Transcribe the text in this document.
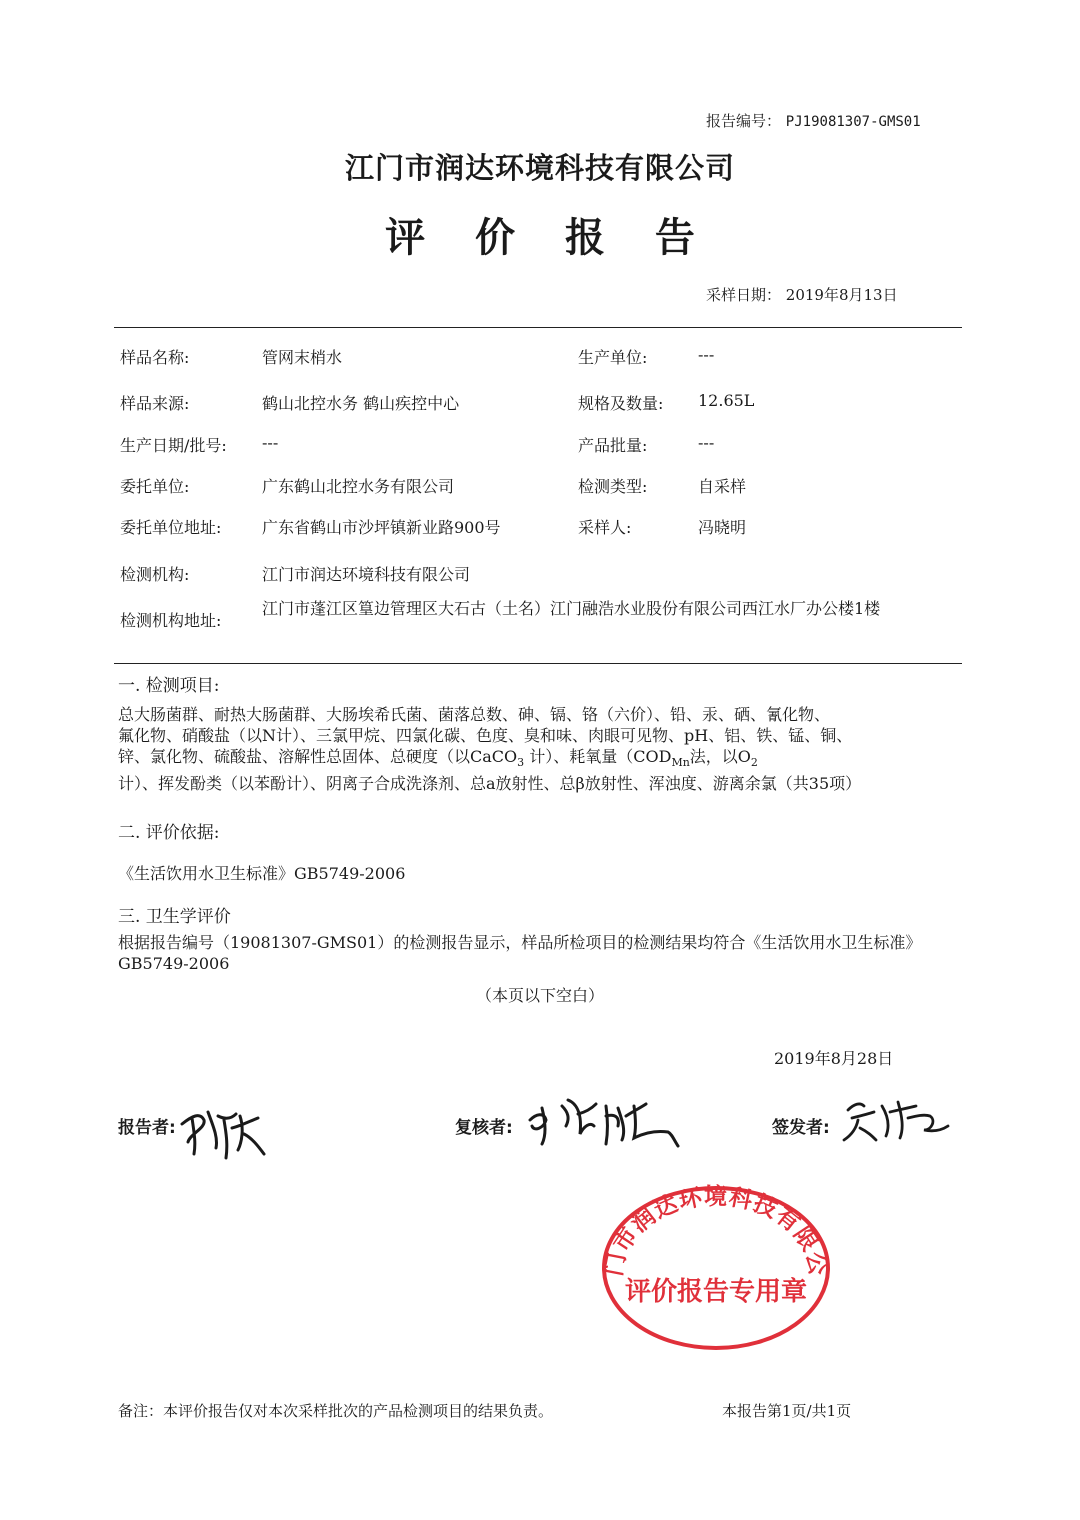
报告编号： PJ19081307-GMS01
江门市润达环境科技有限公司
评 价 报 告
采样日期： 2019年8月13日
样品名称:	管网末梢水	生产单位:	---
样品来源:	鹤山北控水务 鹤山疾控中心	规格及数量: 12.65L
生产日期/批号: ---	产品批量:	---
委托单位:	广东鹤山北控水务有限公司	检测类型:	自采样
委托单位地址:	广东省鹤山市沙坪镇新业路900号	采样人:	冯晓明
检测机构:	江门市润达环境科技有限公司
检测机构地址:
江门市蓬江区篁边管理区大石古（土名）江门融浩水业股份有限公司西江水厂办公楼1楼
一. 检测项目:
总大肠菌群、耐热大肠菌群、大肠埃希氏菌、菌落总数、砷、镉、铬（六价）、铅、汞、硒、氰化物、
氟化物、硝酸盐（以N计）、三氯甲烷、四氯化碳、色度、臭和味、肉眼可见物、pH、铝、铁、锰、铜、
锌、氯化物、硫酸盐、溶解性总固体、总硬度（以CaCO$_3$ 计）、耗氧量（$COD_{Mn}$法，以$O_2$
计）、挥发酚类（以苯酚计）、阴离子合成洗涤剂、总a放射性、总β放射性、浑浊度、游离余氯（共35项）
二. 评价依据:
《生活饮用水卫生标准》GB5749-2006
三. 卫生学评价
根据报告编号（19081307-GMS01）的检测报告显示，样品所检项目的检测结果均符合《生活饮用水卫生标准》GB5749-2006
（本页以下空白）
2019年8月28日
报告者:	复核者:	签发者:
门市润达环境科技有限公
评价报告专用章
备注：本评价报告仅对本次采样批次的产品检测项目的结果负责。	本报告第1页/共1页
